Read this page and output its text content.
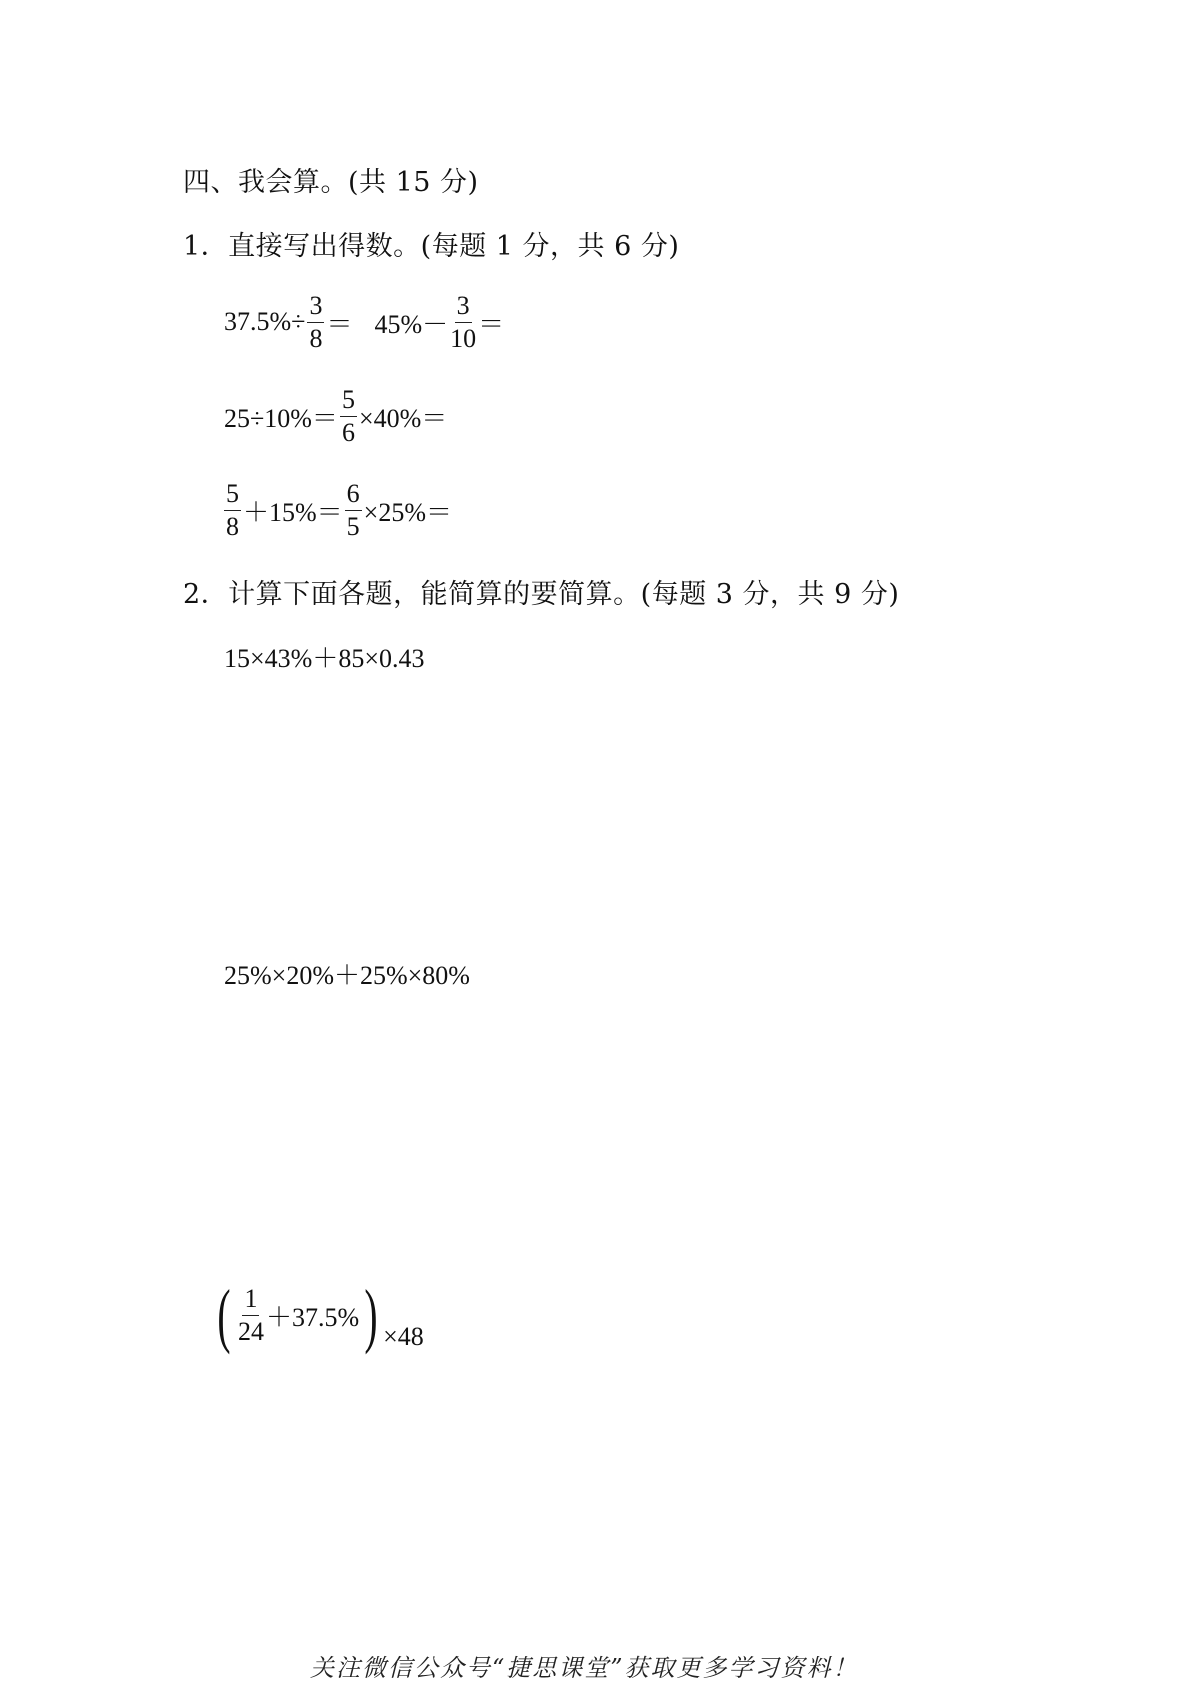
四、我会算。(共 15 分)
1．直接写出得数。(每题 1 分，共 6 分)
$37.5\%\div \frac{3}{8} = 45\%- \frac{3}{10}$ ＝
$25\div 10\%= \frac{5}{6} \times 40\%=$
$\frac{5}{8} +15\%= \frac{6}{5} \times 25\%=$
2．计算下面各题，能简算的要简算。(每题 3 分，共 9 分)
15×43%＋85×0.43
25%×20%＋25%×80%
( $\frac{1}{24} +37.5\%$ ) ×48
关注微信公众号“捷思课堂”获取更多学习资料！
